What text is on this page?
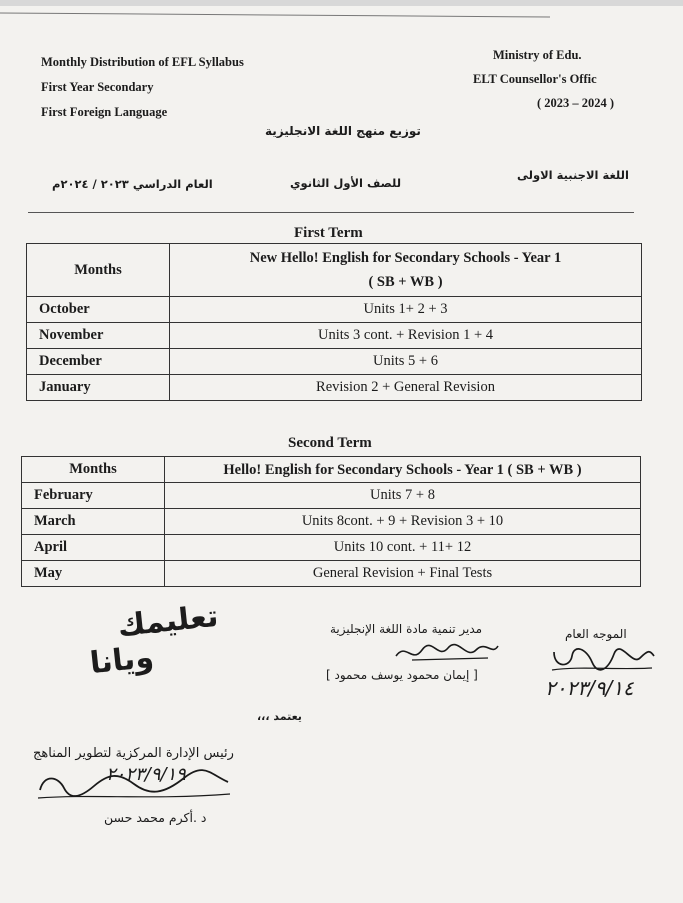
Monthly Distribution of EFL Syllabus
First Year Secondary
First Foreign Language
Ministry of Edu.
ELT Counsellor's Offic
( 2023 – 2024 )
توزيع منهج اللغة الانجليزية
اللغة الاجنبية الاولى
للصف الأول الثانوي
العام الدراسي ٢٠٢٣ / ٢٠٢٤م
First Term
Months	New Hello! English for Secondary Schools - Year 1
( SB + WB )

October	Units 1+ 2 + 3
November	Units 3 cont. + Revision 1 + 4
December	Units 5 + 6
January	Revision 2 + General Revision
Second Term
Months	Hello! English for Secondary Schools - Year 1 ( SB + WB )
February	Units 7 + 8
March	Units 8cont. + 9 + Revision 3 + 10
April	Units 10 cont. + 11+ 12
May	General Revision + Final Tests
تعليمك
ويانا
مدير تنمية مادة اللغة الإنجليزية
[ إيمان محمود يوسف محمود ]
الموجه العام
٢٠٢٣/٩/١٤
يعتمد ،،،
رئيس الإدارة المركزية لتطوير المناهج
٢٠٢٣/٩/١٩
د .أكرم محمد حسن
